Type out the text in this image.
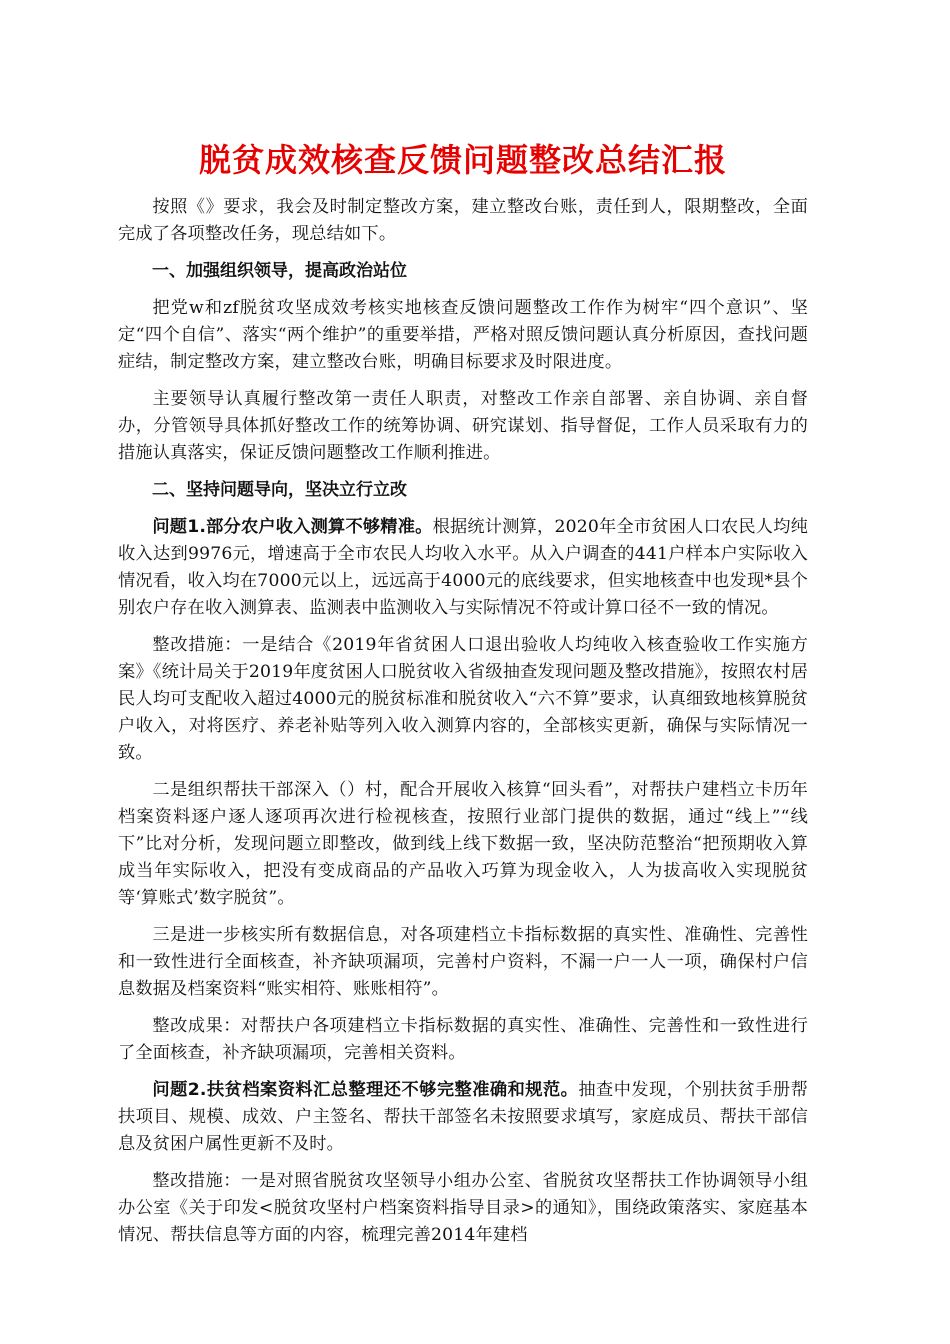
脱贫成效核查反馈问题整改总结汇报

按照《》要求，我会及时制定整改方案，建立整改台账，责任到人，限期整改，全面完成了各项整改任务，现总结如下。

一、加强组织领导，提高政治站位

把党w和zf脱贫攻坚成效考核实地核查反馈问题整改工作作为树牢“四个意识”、坚定“四个自信”、落实“两个维护”的重要举措，严格对照反馈问题认真分析原因，查找问题症结，制定整改方案，建立整改台账，明确目标要求及时限进度。

主要领导认真履行整改第一责任人职责，对整改工作亲自部署、亲自协调、亲自督办，分管领导具体抓好整改工作的统筹协调、研究谋划、指导督促，工作人员采取有力的措施认真落实，保证反馈问题整改工作顺利推进。

二、坚持问题导向，坚决立行立改

问题1.部分农户收入测算不够精准。根据统计测算，2020年全市贫困人口农民人均纯收入达到9976元，增速高于全市农民人均收入水平。从入户调查的441户样本户实际收入情况看，收入均在7000元以上，远远高于4000元的底线要求，但实地核查中也发现*县个别农户存在收入测算表、监测表中监测收入与实际情况不符或计算口径不一致的情况。

整改措施：一是结合《2019年省贫困人口退出验收人均纯收入核查验收工作实施方案》《统计局关于2019年度贫困人口脱贫收入省级抽查发现问题及整改措施》，按照农村居民人均可支配收入超过4000元的脱贫标准和脱贫收入“六不算”要求，认真细致地核算脱贫户收入，对将医疗、养老补贴等列入收入测算内容的，全部核实更新，确保与实际情况一致。

二是组织帮扶干部深入（）村，配合开展收入核算“回头看”，对帮扶户建档立卡历年档案资料逐户逐人逐项再次进行检视核查，按照行业部门提供的数据，通过“线上”“线下”比对分析，发现问题立即整改，做到线上线下数据一致，坚决防范整治“把预期收入算成当年实际收入，把没有变成商品的产品收入巧算为现金收入，人为拔高收入实现脱贫等‘算账式’数字脱贫”。

三是进一步核实所有数据信息，对各项建档立卡指标数据的真实性、准确性、完善性和一致性进行全面核查，补齐缺项漏项，完善村户资料，不漏一户一人一项，确保村户信息数据及档案资料“账实相符、账账相符”。

整改成果：对帮扶户各项建档立卡指标数据的真实性、准确性、完善性和一致性进行了全面核查，补齐缺项漏项，完善相关资料。

问题2.扶贫档案资料汇总整理还不够完整准确和规范。抽查中发现，个别扶贫手册帮扶项目、规模、成效、户主签名、帮扶干部签名未按照要求填写，家庭成员、帮扶干部信息及贫困户属性更新不及时。

整改措施：一是对照省脱贫攻坚领导小组办公室、省脱贫攻坚帮扶工作协调领导小组办公室《关于印发<脱贫攻坚村户档案资料指导目录>的通知》，围绕政策落实、家庭基本情况、帮扶信息等方面的内容，梳理完善2014年建档
